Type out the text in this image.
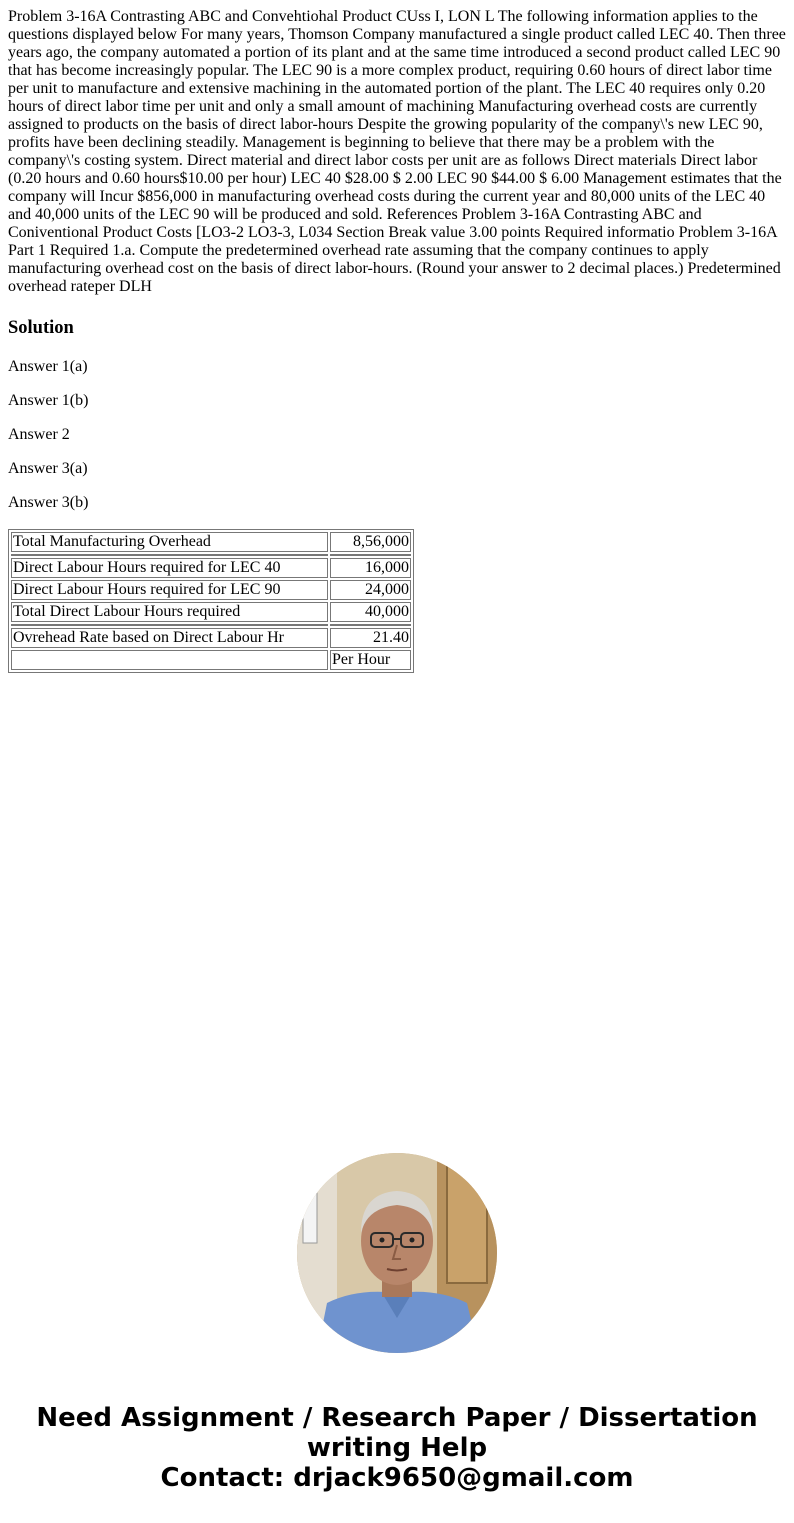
Problem 3-16A Contrasting ABC and Convehtiohal Product CUss I, LON L The following information applies to the questions displayed below For many years, Thomson Company manufactured a single product called LEC 40. Then three years ago, the company automated a portion of its plant and at the same time introduced a second product called LEC 90 that has become increasingly popular. The LEC 90 is a more complex product, requiring 0.60 hours of direct labor time per unit to manufacture and extensive machining in the automated portion of the plant. The LEC 40 requires only 0.20 hours of direct labor time per unit and only a small amount of machining Manufacturing overhead costs are currently assigned to products on the basis of direct labor-hours Despite the growing popularity of the company\'s new LEC 90, profits have been declining steadily. Management is beginning to believe that there may be a problem with the company\'s costing system. Direct material and direct labor costs per unit are as follows Direct materials Direct labor (0.20 hours and 0.60 hours$10.00 per hour) LEC 40 $28.00 $ 2.00 LEC 90 $44.00 $ 6.00 Management estimates that the company will Incur $856,000 in manufacturing overhead costs during the current year and 80,000 units of the LEC 40 and 40,000 units of the LEC 90 will be produced and sold. References Problem 3-16A Contrasting ABC and Coniventional Product Costs [LO3-2 LO3-3, L034 Section Break value 3.00 points Required informatio Problem 3-16A Part 1 Required 1.a. Compute the predetermined overhead rate assuming that the company continues to apply manufacturing overhead cost on the basis of direct labor-hours. (Round your answer to 2 decimal places.) Predetermined overhead rateper DLH

Solution

Answer 1(a)

Answer 1(b)

Answer 2

Answer 3(a)

Answer 3(b)

Total Manufacturing Overhead	8,56,000

Direct Labour Hours required for LEC 40	16,000
Direct Labour Hours required for LEC 90	24,000
Total Direct Labour Hours required	40,000

Ovrehead Rate based on Direct Labour Hr	21.40
	Per Hour
Need Assignment / Research Paper / Dissertation
writing Help
Contact: drjack9650@gmail.com
